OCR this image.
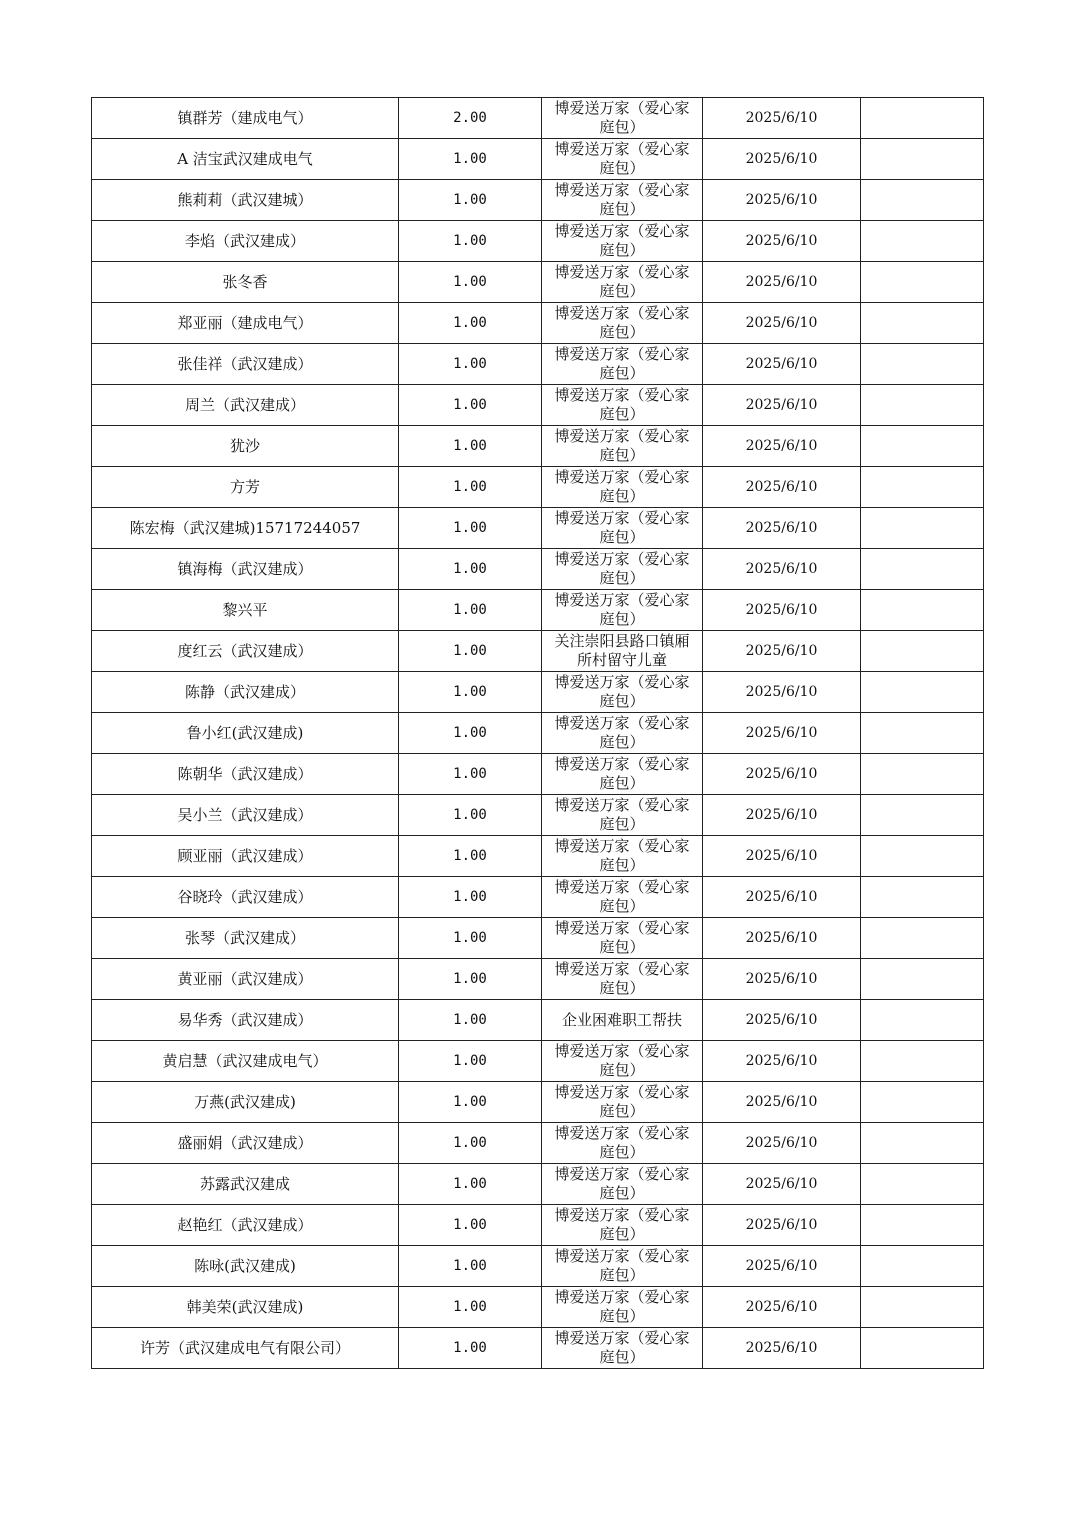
镇群芳（建成电气）	2.00	博爱送万家（爱心家庭包）	2025/6/10	
A 洁宝武汉建成电气	1.00	博爱送万家（爱心家庭包）	2025/6/10	
熊莉莉（武汉建城）	1.00	博爱送万家（爱心家庭包）	2025/6/10	
李焰（武汉建成）	1.00	博爱送万家（爱心家庭包）	2025/6/10	
张冬香	1.00	博爱送万家（爱心家庭包）	2025/6/10	
郑亚丽（建成电气）	1.00	博爱送万家（爱心家庭包）	2025/6/10	
张佳祥（武汉建成）	1.00	博爱送万家（爱心家庭包）	2025/6/10	
周兰（武汉建成）	1.00	博爱送万家（爱心家庭包）	2025/6/10	
犹沙	1.00	博爱送万家（爱心家庭包）	2025/6/10	
方芳	1.00	博爱送万家（爱心家庭包）	2025/6/10	
陈宏梅（武汉建城)15717244057	1.00	博爱送万家（爱心家庭包）	2025/6/10	
镇海梅（武汉建成）	1.00	博爱送万家（爱心家庭包）	2025/6/10	
黎兴平	1.00	博爱送万家（爱心家庭包）	2025/6/10	
度红云（武汉建成）	1.00	关注崇阳县路口镇厢所村留守儿童	2025/6/10	
陈静（武汉建成）	1.00	博爱送万家（爱心家庭包）	2025/6/10	
鲁小红(武汉建成)	1.00	博爱送万家（爱心家庭包）	2025/6/10	
陈朝华（武汉建成）	1.00	博爱送万家（爱心家庭包）	2025/6/10	
吴小兰（武汉建成）	1.00	博爱送万家（爱心家庭包）	2025/6/10	
顾亚丽（武汉建成）	1.00	博爱送万家（爱心家庭包）	2025/6/10	
谷晓玲（武汉建成）	1.00	博爱送万家（爱心家庭包）	2025/6/10	
张琴（武汉建成）	1.00	博爱送万家（爱心家庭包）	2025/6/10	
黄亚丽（武汉建成）	1.00	博爱送万家（爱心家庭包）	2025/6/10	
易华秀（武汉建成）	1.00	企业困难职工帮扶	2025/6/10	
黄启慧（武汉建成电气）	1.00	博爱送万家（爱心家庭包）	2025/6/10	
万燕(武汉建成)	1.00	博爱送万家（爱心家庭包）	2025/6/10	
盛丽娟（武汉建成）	1.00	博爱送万家（爱心家庭包）	2025/6/10	
苏露武汉建成	1.00	博爱送万家（爱心家庭包）	2025/6/10	
赵艳红（武汉建成）	1.00	博爱送万家（爱心家庭包）	2025/6/10	
陈咏(武汉建成)	1.00	博爱送万家（爱心家庭包）	2025/6/10	
韩美荣(武汉建成)	1.00	博爱送万家（爱心家庭包）	2025/6/10	
许芳（武汉建成电气有限公司）	1.00	博爱送万家（爱心家庭包）	2025/6/10	
